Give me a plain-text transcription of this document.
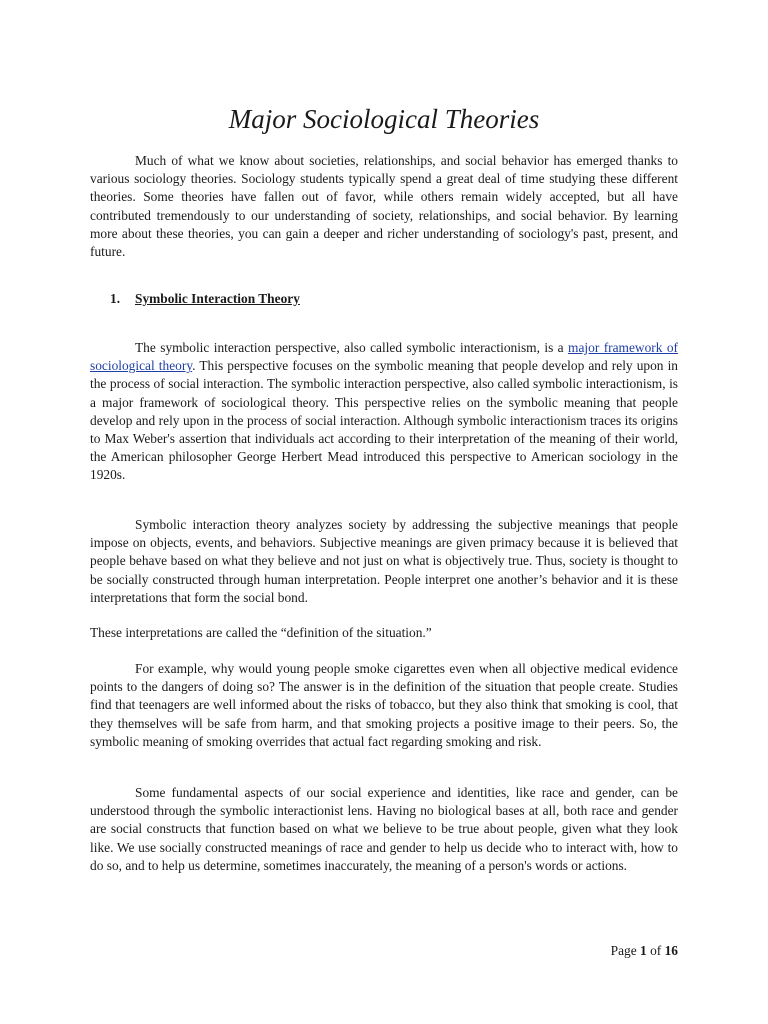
Major Sociological Theories

Much of what we know about societies, relationships, and social behavior has emerged thanks to various sociology theories. Sociology students typically spend a great deal of time studying these different theories. Some theories have fallen out of favor, while others remain widely accepted, but all have contributed tremendously to our understanding of society, relationships, and social behavior. By learning more about these theories, you can gain a deeper and richer understanding of sociology's past, present, and future.

1. Symbolic Interaction Theory

The symbolic interaction perspective, also called symbolic interactionism, is a major framework of sociological theory. This perspective focuses on the symbolic meaning that people develop and rely upon in the process of social interaction. The symbolic interaction perspective, also called symbolic interactionism, is a major framework of sociological theory. This perspective relies on the symbolic meaning that people develop and rely upon in the process of social interaction. Although symbolic interactionism traces its origins to Max Weber's assertion that individuals act according to their interpretation of the meaning of their world, the American philosopher George Herbert Mead introduced this perspective to American sociology in the 1920s.

Symbolic interaction theory analyzes society by addressing the subjective meanings that people impose on objects, events, and behaviors. Subjective meanings are given primacy because it is believed that people behave based on what they believe and not just on what is objectively true. Thus, society is thought to be socially constructed through human interpretation. People interpret one another’s behavior and it is these interpretations that form the social bond.

These interpretations are called the “definition of the situation.”

For example, why would young people smoke cigarettes even when all objective medical evidence points to the dangers of doing so? The answer is in the definition of the situation that people create. Studies find that teenagers are well informed about the risks of tobacco, but they also think that smoking is cool, that they themselves will be safe from harm, and that smoking projects a positive image to their peers. So, the symbolic meaning of smoking overrides that actual fact regarding smoking and risk.

Some fundamental aspects of our social experience and identities, like race and gender, can be understood through the symbolic interactionist lens. Having no biological bases at all, both race and gender are social constructs that function based on what we believe to be true about people, given what they look like. We use socially constructed meanings of race and gender to help us decide who to interact with, how to do so, and to help us determine, sometimes inaccurately, the meaning of a person's words or actions.

Page 1 of 16
